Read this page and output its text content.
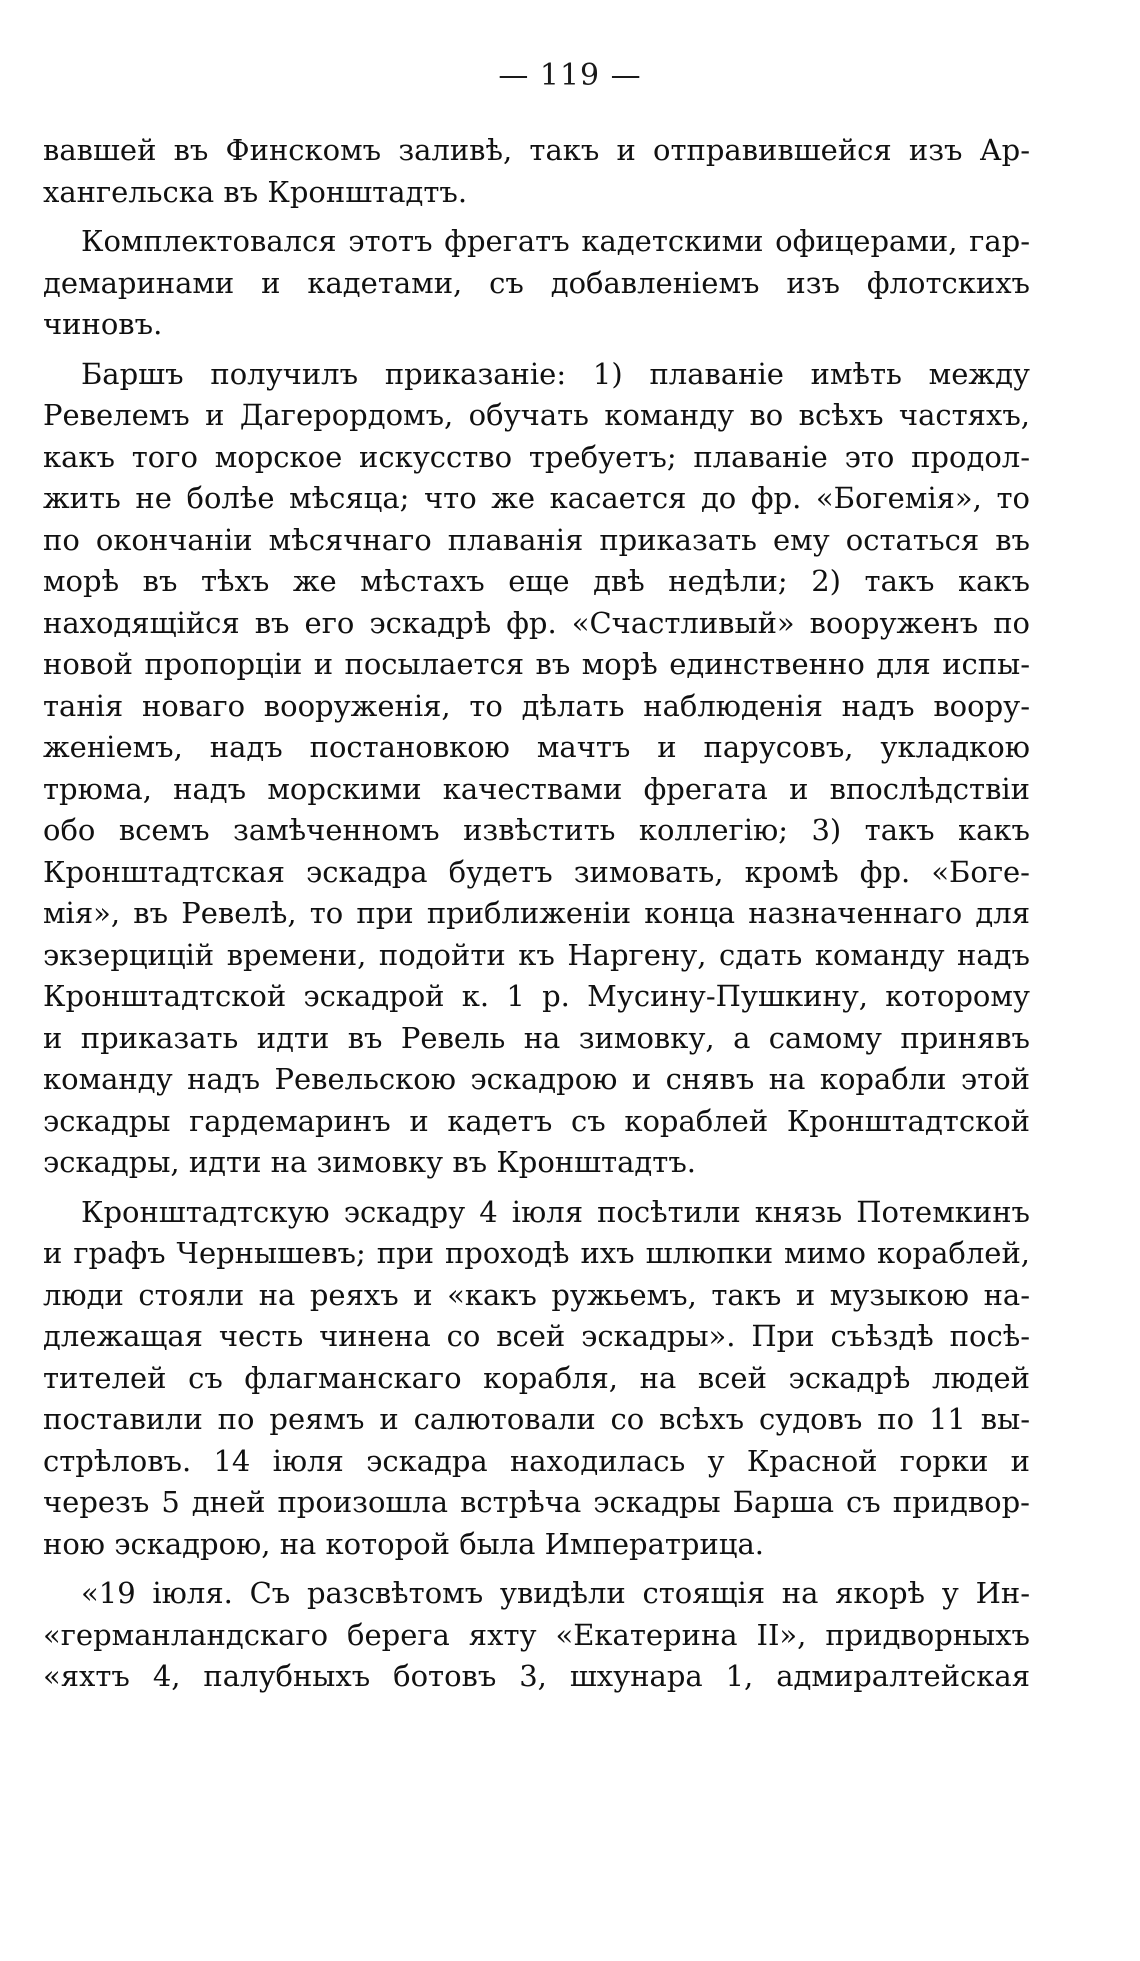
— 119 —
вавшей въ Финскомъ заливѣ, такъ и отправившейся изъ Ар-
хангельска въ Кронштадтъ.
Комплектовался этотъ фрегатъ кадетскими офицерами, гар-
демаринами и кадетами, съ добавленіемъ изъ флотскихъ
чиновъ.
Баршъ получилъ приказаніе: 1) плаваніе имѣть между
Ревелемъ и Дагерордомъ, обучать команду во всѣхъ частяхъ,
какъ того морское искусство требуетъ; плаваніе это продол-
жить не болѣе мѣсяца; что же касается до фр. «Богемія», то
по окончаніи мѣсячнаго плаванія приказать ему остаться въ
морѣ въ тѣхъ же мѣстахъ еще двѣ недѣли; 2) такъ какъ
находящійся въ его эскадрѣ фр. «Счастливый» вооруженъ по
новой пропорціи и посылается въ морѣ единственно для испы-
танія новаго вооруженія, то дѣлать наблюденія надъ воору-
женіемъ, надъ постановкою мачтъ и парусовъ, укладкою
трюма, надъ морскими качествами фрегата и впослѣдствіи
обо всемъ замѣченномъ извѣстить коллегію; 3) такъ какъ
Кронштадтская эскадра будетъ зимовать, кромѣ фр. «Боге-
мія», въ Ревелѣ, то при приближеніи конца назначеннаго для
экзерцицій времени, подойти къ Наргену, сдать команду надъ
Кронштадтской эскадрой к. 1 р. Мусину-Пушкину, которому
и приказать идти въ Ревель на зимовку, а самому принявъ
команду надъ Ревельскою эскадрою и снявъ на корабли этой
эскадры гардемаринъ и кадетъ съ кораблей Кронштадтской
эскадры, идти на зимовку въ Кронштадтъ.
Кронштадтскую эскадру 4 іюля посѣтили князь Потемкинъ
и графъ Чернышевъ; при проходѣ ихъ шлюпки мимо кораблей,
люди стояли на реяхъ и «какъ ружьемъ, такъ и музыкою на-
длежащая честь чинена со всей эскадры». При съѣздѣ посѣ-
тителей съ флагманскаго корабля, на всей эскадрѣ людей
поставили по реямъ и салютовали со всѣхъ судовъ по 11 вы-
стрѣловъ. 14 іюля эскадра находилась у Красной горки и
черезъ 5 дней произошла встрѣча эскадры Барша съ придвор-
ною эскадрою, на которой была Императрица.
«19 іюля. Съ разсвѣтомъ увидѣли стоящія на якорѣ у Ин-
«германландскаго берега яхту «Екатерина II», придворныхъ
«яхтъ 4, палубныхъ ботовъ 3, шхунара 1, адмиралтейская
